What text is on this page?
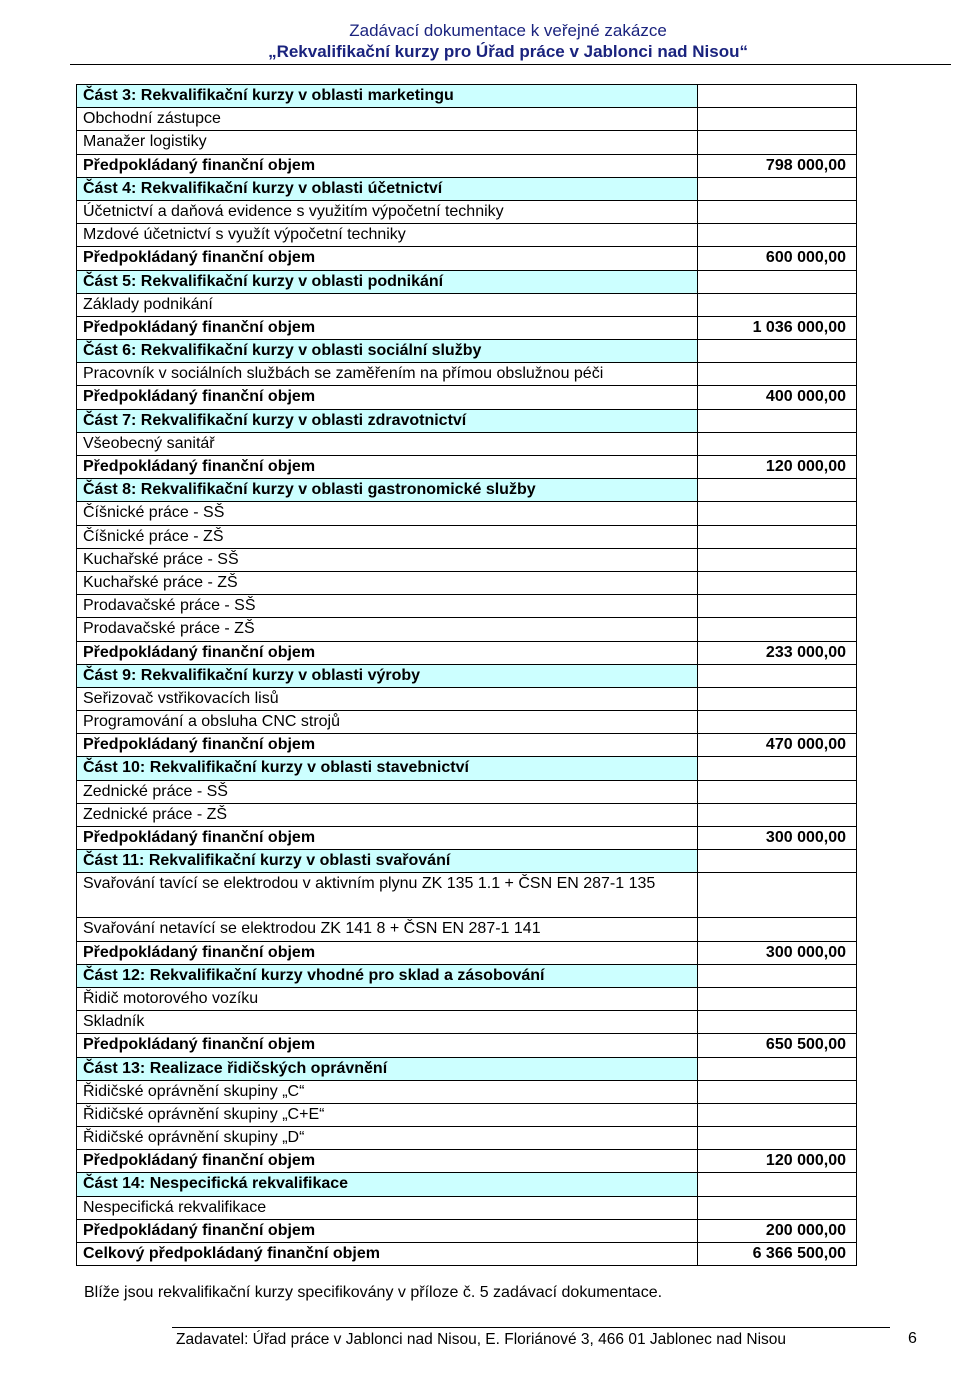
Zadávací dokumentace k veřejné zakázce
„Rekvalifikační kurzy pro Úřad práce v Jablonci nad Nisou“
Část 3: Rekvalifikační kurzy v oblasti marketingu	
Obchodní zástupce	
Manažer logistiky	
Předpokládaný finanční objem	798 000,00
Část 4: Rekvalifikační kurzy v oblasti účetnictví	
Účetnictví a daňová evidence s využitím výpočetní techniky	
Mzdové účetnictví s využít výpočetní techniky	
Předpokládaný finanční objem	600 000,00
Část 5: Rekvalifikační kurzy v oblasti podnikání	
Základy podnikání	
Předpokládaný finanční objem	1 036 000,00
Část 6: Rekvalifikační kurzy v oblasti sociální služby	
Pracovník v sociálních službách se zaměřením na přímou obslužnou péči	
Předpokládaný finanční objem	400 000,00
Část 7: Rekvalifikační kurzy v oblasti zdravotnictví	
Všeobecný sanitář	
Předpokládaný finanční objem	120 000,00
Část 8: Rekvalifikační kurzy v oblasti gastronomické služby	
Číšnické práce - SŠ	
Číšnické práce - ZŠ	
Kuchařské práce - SŠ	
Kuchařské práce - ZŠ	
Prodavačské práce - SŠ	
Prodavačské práce - ZŠ	
Předpokládaný finanční objem	233 000,00
Část 9: Rekvalifikační kurzy v oblasti výroby	
Seřizovač vstřikovacích lisů	
Programování a obsluha CNC strojů	
Předpokládaný finanční objem	470 000,00
Část 10: Rekvalifikační kurzy v oblasti stavebnictví	
Zednické práce - SŠ	
Zednické práce - ZŠ	
Předpokládaný finanční objem	300 000,00
Část 11: Rekvalifikační kurzy v oblasti svařování	
Svařování tavící se elektrodou v aktivním plynu ZK 135 1.1 + ČSN EN 287-1 135	
Svařování netavící se elektrodou ZK 141 8 + ČSN EN 287-1 141	
Předpokládaný finanční objem	300 000,00
Část 12: Rekvalifikační kurzy vhodné pro sklad a zásobování	
Řidič motorového vozíku	
Skladník	
Předpokládaný finanční objem	650 500,00
Část 13: Realizace řidičských oprávnění	
Řidičské oprávnění skupiny „C“	
Řidičské oprávnění skupiny „C+E“	
Řidičské oprávnění skupiny „D“	
Předpokládaný finanční objem	120 000,00
Část 14: Nespecifická rekvalifikace	
Nespecifická rekvalifikace	
Předpokládaný finanční objem	200 000,00
Celkový předpokládaný finanční objem	6 366 500,00
Blíže jsou rekvalifikační kurzy specifikovány v příloze č. 5 zadávací dokumentace.
Zadavatel: Úřad práce v Jablonci nad Nisou, E. Floriánové 3, 466 01 Jablonec nad Nisou	6
